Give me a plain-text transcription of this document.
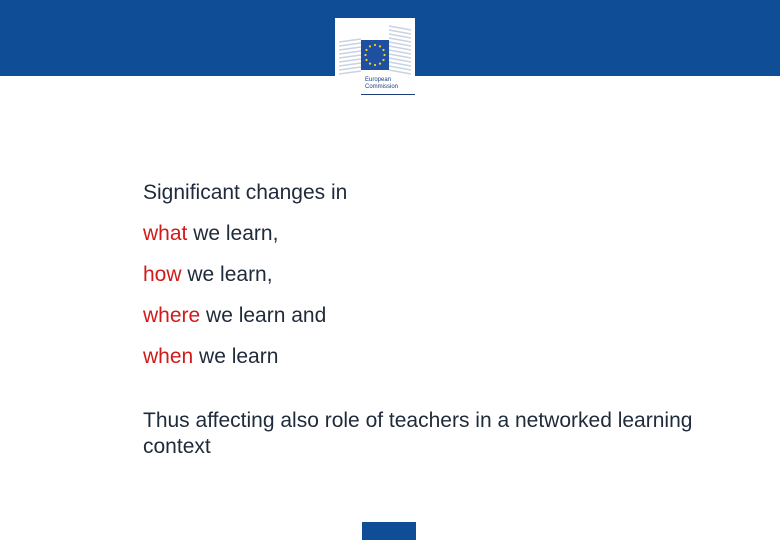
European
Commission
Significant changes in
what we learn,
how we learn,
where we learn and
when we learn
Thus affecting also role of teachers in a networked learning context
